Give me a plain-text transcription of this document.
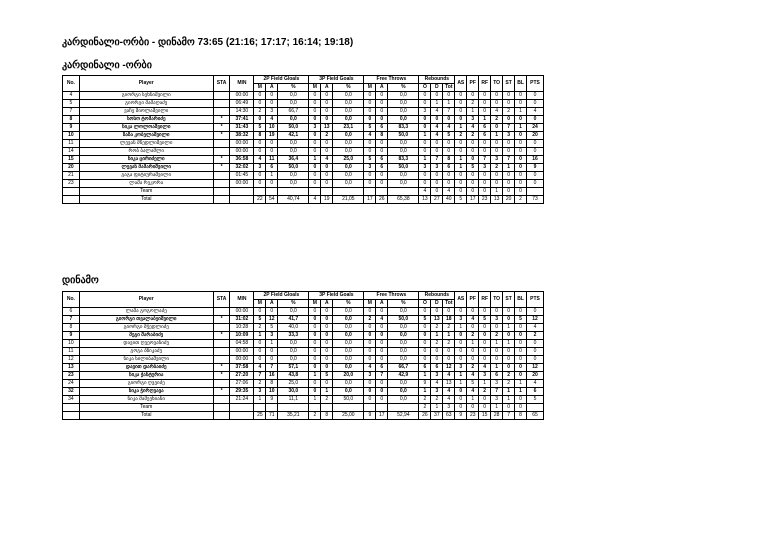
კარდინალი-ორბი - დინამო 73:65 (21:16; 17:17; 16:14; 19:18)
კარდინალი -ორბი
No.	Player	STA	MIN	2P Field Gloals			3P Field Goals			Free Throws			Rebounds			AS	PF	RF	TO	ST	BL	PTS
				M	A	%	M	A	%	M	A	%	O	D	Tot							
4	გიორგი სეხნიშვილი		00:00	0	0	0,0	0	0	0,0	0	0	0,0	0	0	0	0	0	0	0	0	0	0
5	გიორგი მამაღაძე		06:49	0	0	0,0	0	0	0,0	0	0	0,0	0	1	1	0	2	0	0	0	0	0
7	ვაჩე შიოლაშვილი		14:30	2	3	66,7	0	0	0,0	0	0	0,0	3	4	7	0	1	0	4	2	1	4
8	სოსო ტომარიძე	*	37:41	0	4	0,0	0	0	0,0	0	0	0,0	0	0	0	0	3	1	2	0	0	0
9	ნიკა ლოლოაშვილი	*	31:43	5	10	50,0	3	13	23,1	5	6	83,3	0	4	4	1	4	6	0	7	1	24
10	ზაზა კობელაშვილი	*	38:32	8	19	42,1	0	2	0,0	4	8	50,0	1	4	5	2	2	6	1	3	0	20
11	ლევან მწედლიშვილი		00:00	0	0	0,0	0	0	0,0	0	0	0,0	0	0	0	0	0	0	0	0	0	0
14	რობ ბალამლი		00:00	0	0	0,0	0	0	0,0	0	0	0,0	0	0	0	0	0	0	0	0	0	0
15	ნიკა ცირიძელი	*	36:58	4	11	36,4	1	4	25,0	5	6	83,3	1	7	8	1	0	7	3	7	0	16
20	ლევან მამარიშვილი	*	32:02	3	6	50,0	0	0	0,0	3	6	50,0	3	3	6	1	5	3	2	1	0	9
21	გაგა ფიტიურაშვილი		01:45	0	1	0,0	0	0	0,0	0	0	0,0	0	0	0	0	0	0	0	0	0	0
23	ლაშა რეკორა		00:00	0	0	0,0	0	0	0,0	0	0	0,0	0	0	0	0	0	0	0	0	0	0
	Team												4	0	4	0	0	0	1	0	0	
	Total			22	54	40,74	4	19	21,05	17	26	65,38	13	27	40	5	17	23	13	20	2	73
დინამო
No.	Player	STA	MIN	2P Field Gloals			3P Field Goals			Free Throws			Rebounds			AS	PF	RF	TO	ST	BL	PTS
				M	A	%	M	A	%	M	A	%	O	D	Tot							
6	ლაშა გოგოლაძე		00:00	0	0	0,0	0	0	0,0	0	0	0,0	0	0	0	0	0	0	0	0	0	0
7	გიორგი თვალაბეიშვილი	*	31:02	5	12	41,7	0	0	0,0	2	4	50,0	5	13	18	3	4	5	3	0	5	12
8	გიორგი მჭედლიძე		10:28	2	5	40,0	0	0	0,0	0	0	0,0	0	2	2	1	0	0	0	1	0	4
9	მეგი შარაბიძე	*	10:09	1	3	33,3	0	0	0,0	0	0	0,0	0	1	1	0	2	0	2	0	0	2
10	დავით ღვეოვანიძე		04:58	0	1	0,0	0	0	0,0	0	0	0,0	0	2	2	0	1	0	1	1	0	0
11	გოგა ბზიკაძე		00:00	0	0	0,0	0	0	0,0	0	0	0,0	0	0	0	0	0	0	0	0	0	0
12	ნიკა სილიბაშვილი		00:00	0	0	0,0	0	0	0,0	0	0	0,0	0	0	0	0	0	0	0	0	0	0
13	დავით დარბაიძე	*	37:58	4	7	57,1	0	0	0,0	4	6	66,7	6	6	12	3	2	4	1	0	0	12
23	ნიკა ჭანტურია	*	27:20	7	16	43,8	1	5	20,0	3	7	42,9	1	3	4	1	4	3	6	2	0	20
24	გიორგი ღვეიძე		27:06	2	8	25,0	0	0	0,0	0	0	0,0	9	4	13	1	5	1	3	2	1	4
32	ნიკა ჭირღვავა	*	29:35	3	10	30,0	0	1	0,0	0	0	0,0	1	3	4	0	4	2	7	1	1	6
34	ნიკა მამეეხიანი		21:24	1	9	11,1	1	2	50,0	0	0	0,0	2	2	4	0	1	0	3	1	0	5
	Team												2	1	3	0	0	0	1	0	0	
	Total			25	71	35,21	2	8	25,00	9	17	52,94	26	37	63	9	23	15	28	7	8	65
